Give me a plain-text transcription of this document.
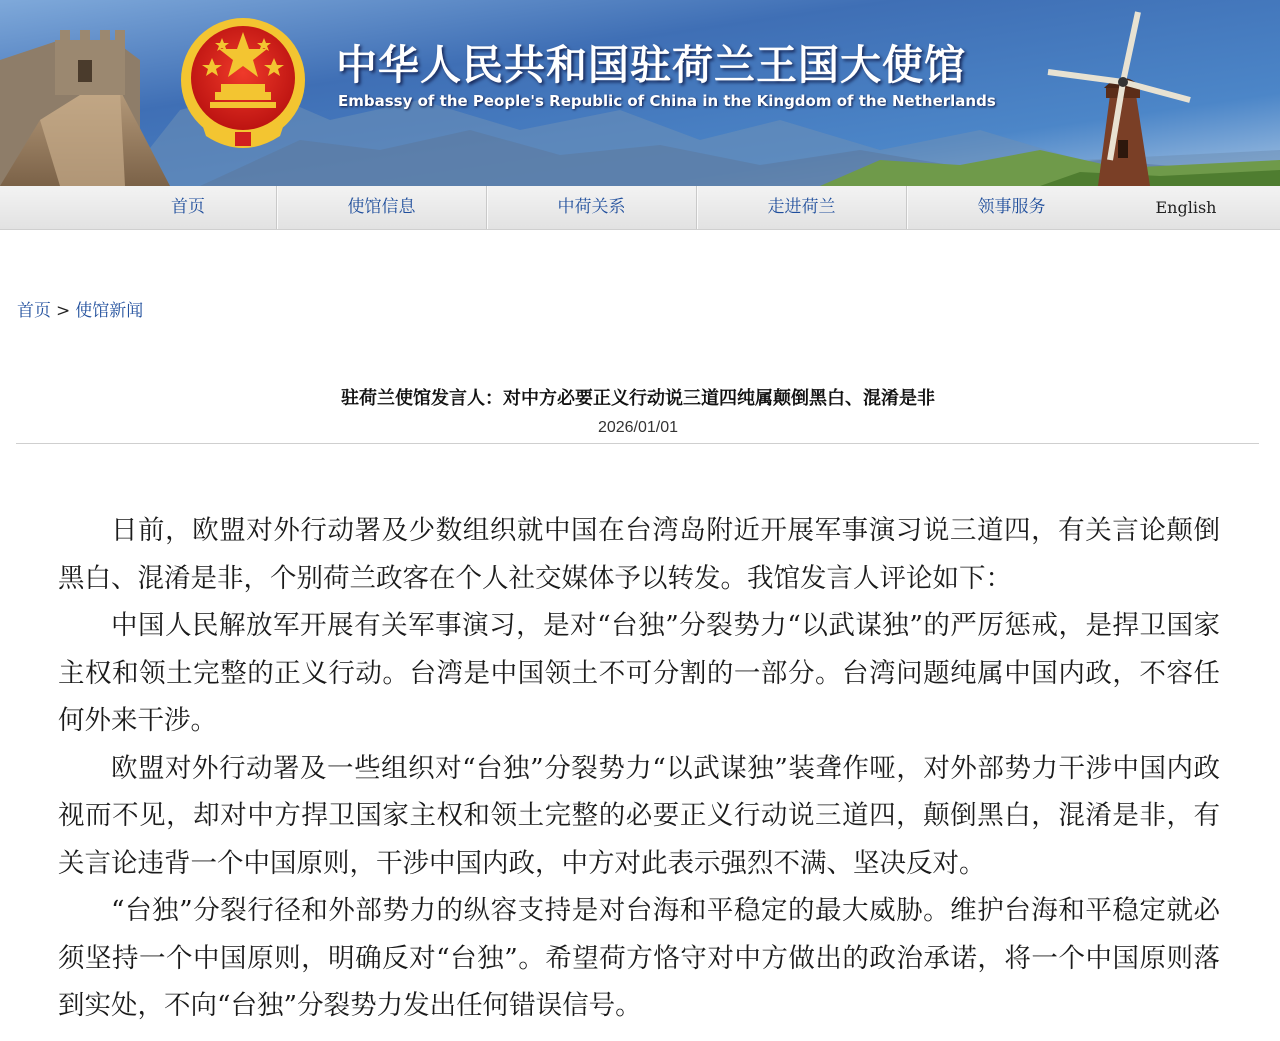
中华人民共和国驻荷兰王国大使馆
Embassy of the People's Republic of China in the Kingdom of the Netherlands
首页	使馆信息	中荷关系	走进荷兰	领事服务	English
首页 > 使馆新闻
驻荷兰使馆发言人：对中方必要正义行动说三道四纯属颠倒黑白、混淆是非
2026/01/01

日前，欧盟对外行动署及少数组织就中国在台湾岛附近开展军事演习说三道四，有关言论颠倒黑白、混淆是非，个别荷兰政客在个人社交媒体予以转发。我馆发言人评论如下：

中国人民解放军开展有关军事演习，是对“台独”分裂势力“以武谋独”的严厉惩戒，是捍卫国家主权和领土完整的正义行动。台湾是中国领土不可分割的一部分。台湾问题纯属中国内政，不容任何外来干涉。

欧盟对外行动署及一些组织对“台独”分裂势力“以武谋独”装聋作哑，对外部势力干涉中国内政视而不见，却对中方捍卫国家主权和领土完整的必要正义行动说三道四，颠倒黑白，混淆是非，有关言论违背一个中国原则，干涉中国内政，中方对此表示强烈不满、坚决反对。

“台独”分裂行径和外部势力的纵容支持是对台海和平稳定的最大威胁。维护台海和平稳定就必须坚持一个中国原则，明确反对“台独”。希望荷方恪守对中方做出的政治承诺，将一个中国原则落到实处，不向“台独”分裂势力发出任何错误信号。
